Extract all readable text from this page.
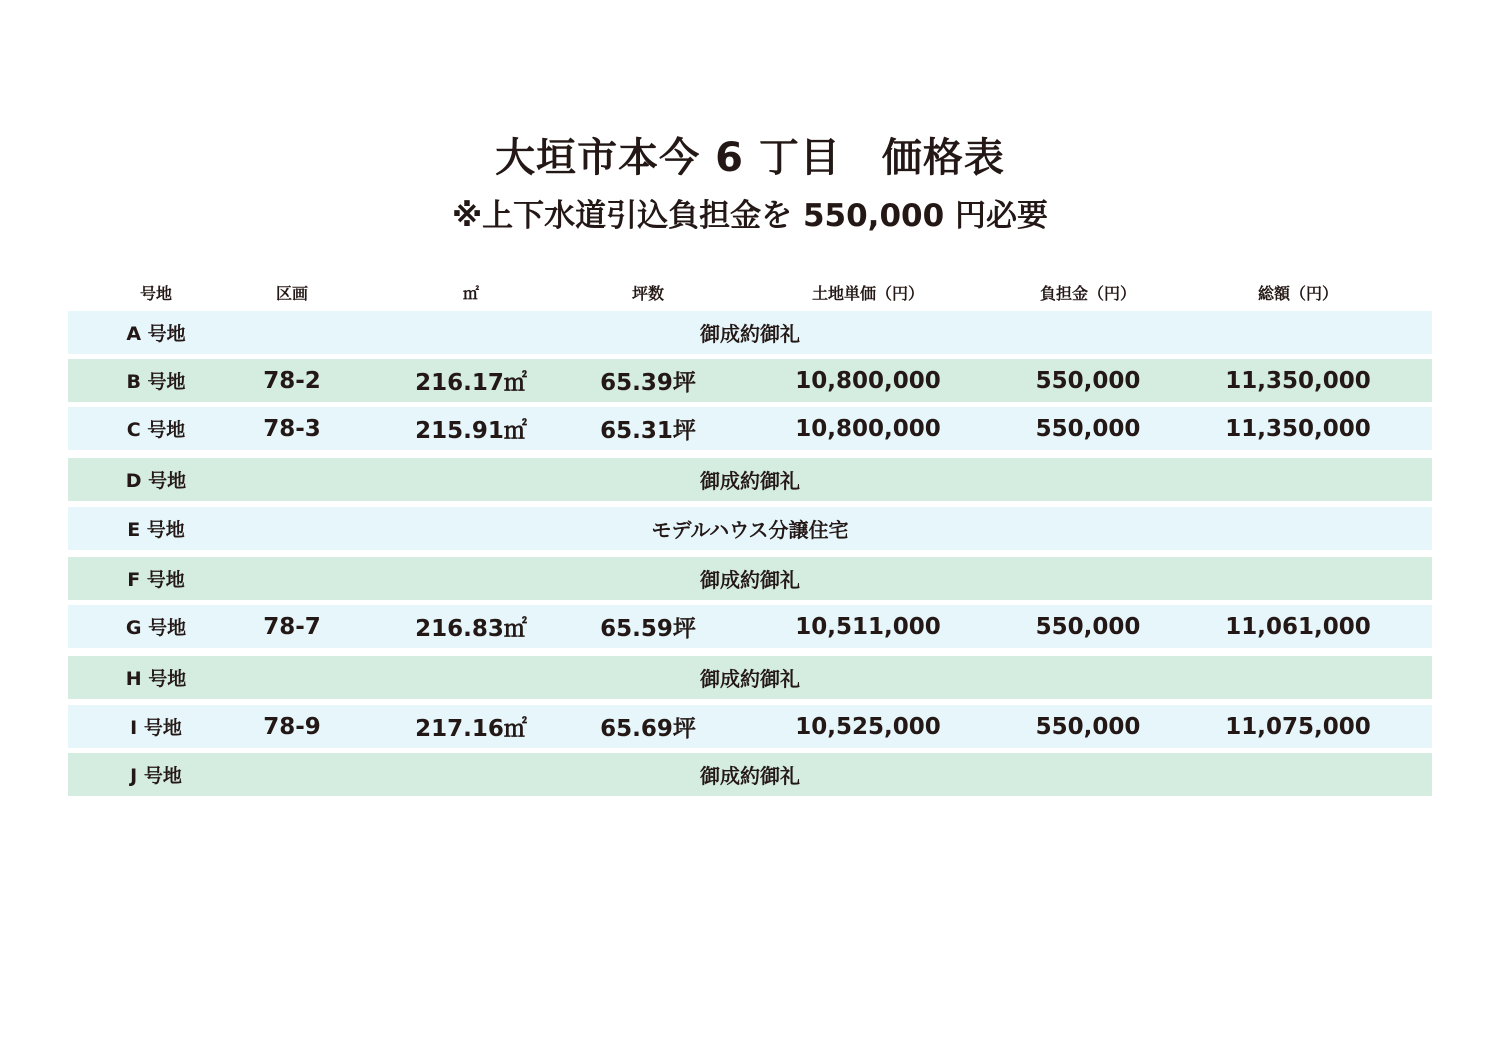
大垣市本今 6 丁目　価格表
※上下水道引込負担金を 550,000 円必要
号地	区画	㎡	坪数	土地単価（円）	負担金（円）	総額（円）
A 号地	御成約御礼
B 号地	78-2	216.17㎡	65.39坪	10,800,000	550,000	11,350,000
C 号地	78-3	215.91㎡	65.31坪	10,800,000	550,000	11,350,000
D 号地	御成約御礼
E 号地	モデルハウス分譲住宅
F 号地	御成約御礼
G 号地	78-7	216.83㎡	65.59坪	10,511,000	550,000	11,061,000
H 号地	御成約御礼
I 号地	78-9	217.16㎡	65.69坪	10,525,000	550,000	11,075,000
J 号地	御成約御礼
